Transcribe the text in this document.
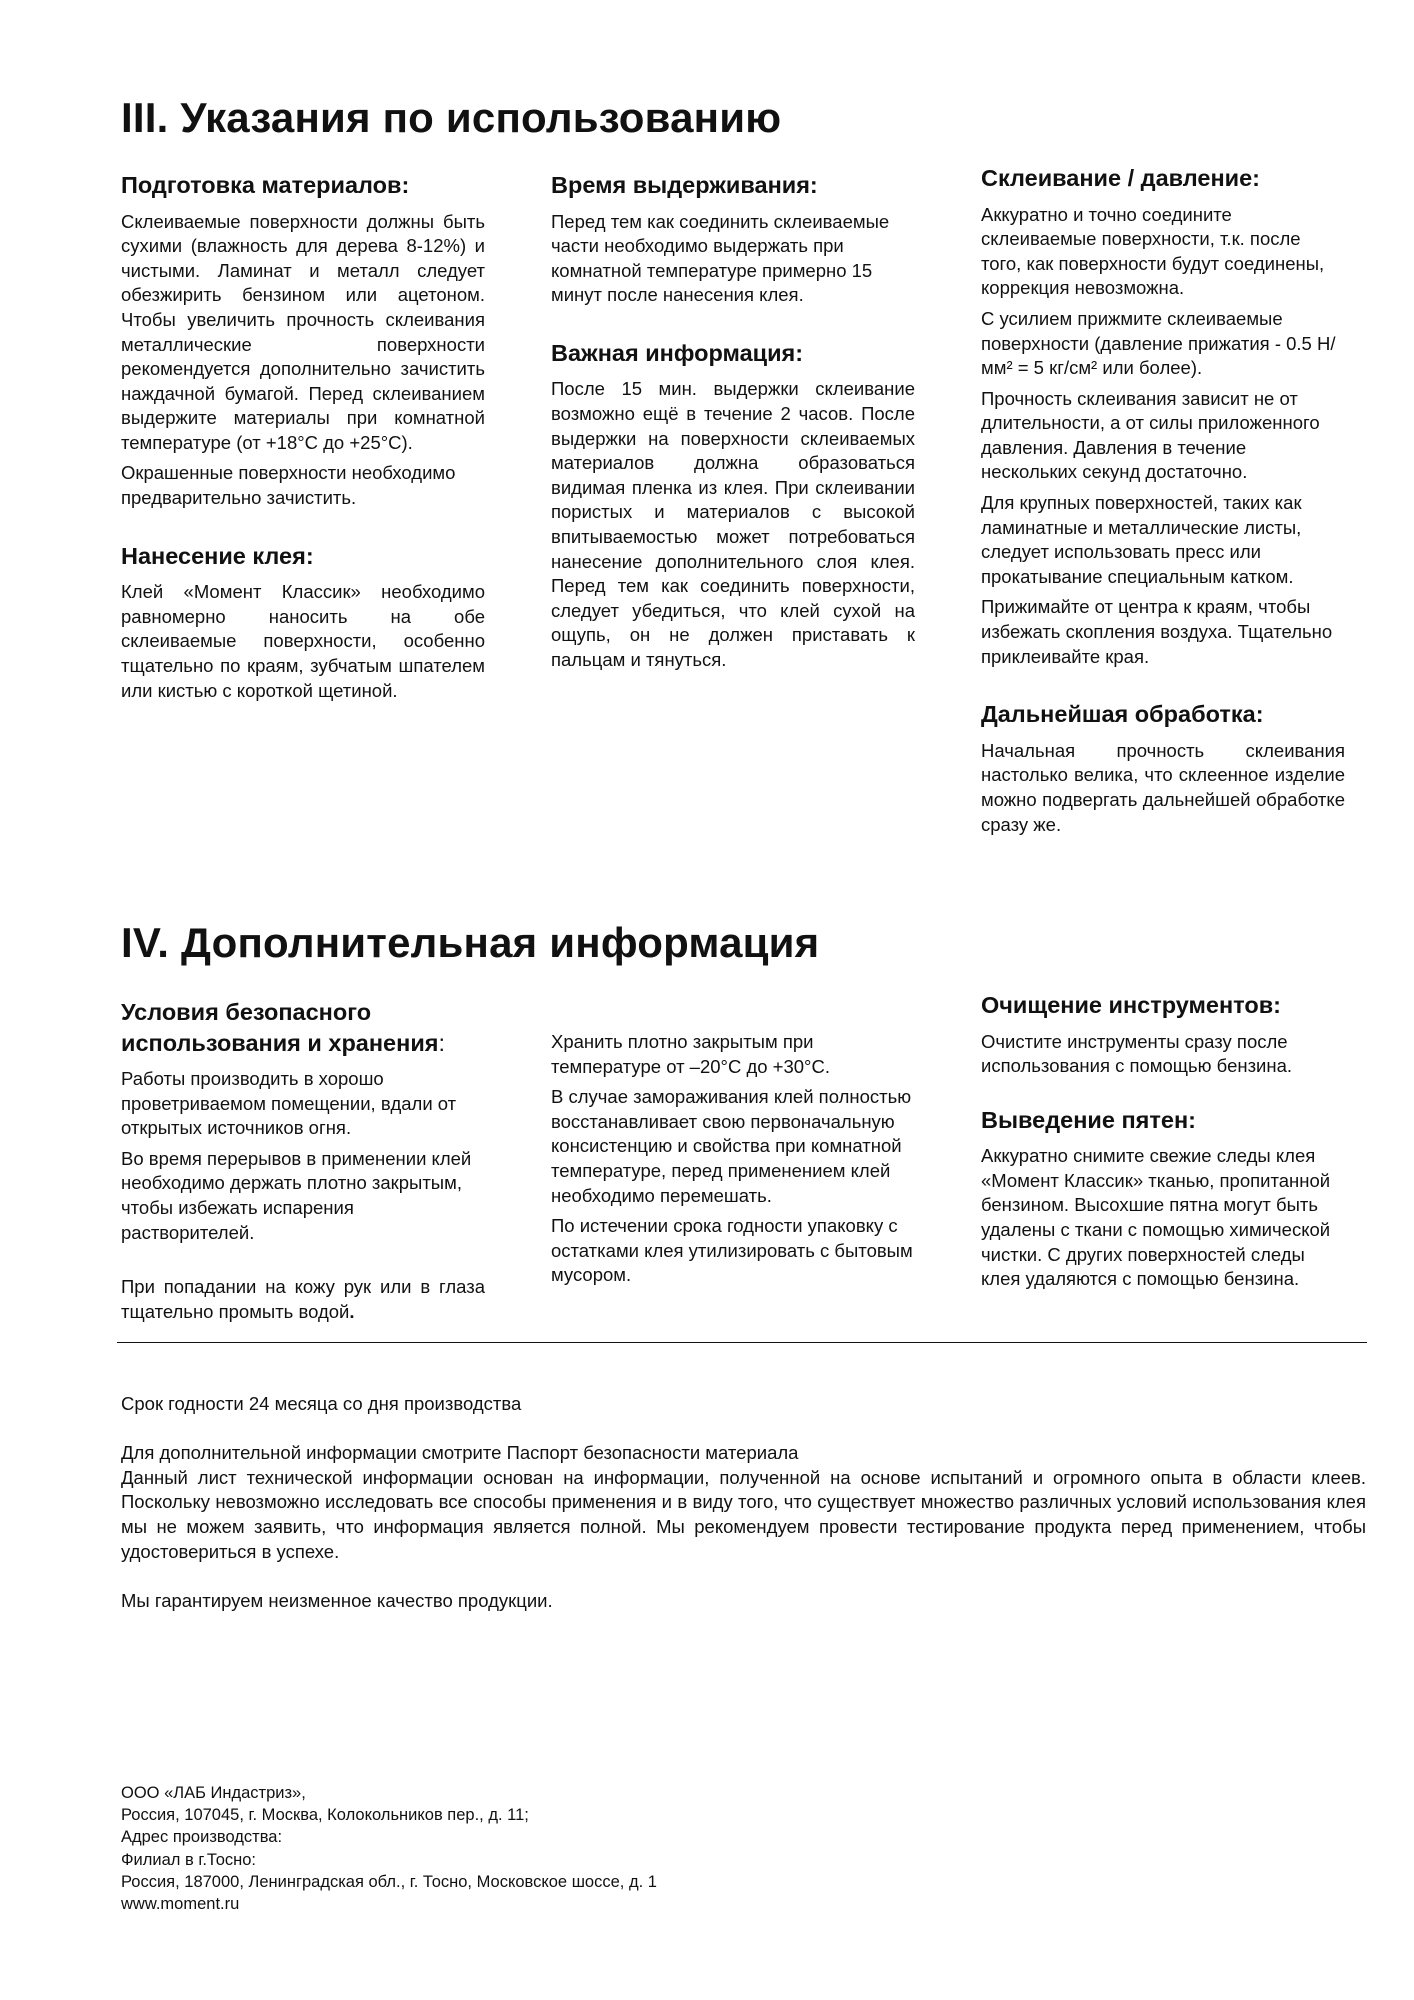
III. Указания по использованию
Подготовка материалов:

Склеиваемые поверхности должны быть сухими (влажность для дерева 8-12%) и чистыми. Ламинат и металл следует обезжирить бензином или ацетоном. Чтобы увеличить прочность склеивания металлические поверхности рекомендуется дополнительно зачистить наждачной бумагой. Перед склеиванием выдержите материалы при комнатной температуре (от +18°С до +25°С).

Окрашенные поверхности необходимо предварительно зачистить.

Нанесение клея:

Клей «Момент Классик» необходимо равномерно наносить на обе склеиваемые поверхности, особенно тщательно по краям, зубчатым шпателем или кистью с короткой щетиной.

Время выдерживания:

Перед тем как соединить склеиваемые части необходимо выдержать при комнатной температуре примерно 15 минут после нанесения клея.

Важная информация:

После 15 мин. выдержки склеивание возможно ещё в течение 2 часов. После выдержки на поверхности склеиваемых материалов должна образоваться видимая пленка из клея. При склеивании пористых и материалов с высокой впитываемостью может потребоваться нанесение дополнительного слоя клея. Перед тем как соединить поверхности, следует убедиться, что клей сухой на ощупь, он не должен приставать к пальцам и тянуться.

Склеивание / давление:

Аккуратно и точно соедините склеиваемые поверхности, т.к. после того, как поверхности будут соединены, коррекция невозможна.

С усилием прижмите склеиваемые поверхности (давление прижатия - 0.5 Н/мм² = 5 кг/см² или более).

Прочность склеивания зависит не от длительности, а от силы приложенного давления. Давления в течение нескольких секунд достаточно.

Для крупных поверхностей, таких как ламинатные и металлические листы, следует использовать пресс или прокатывание специальным катком.

Прижимайте от центра к краям, чтобы избежать скопления воздуха. Тщательно приклеивайте края.

Дальнейшая обработка:

Начальная прочность склеивания настолько велика, что склеенное изделие можно подвергать дальнейшей обработке сразу же.

IV. Дополнительная информация
Условия безопасного использования и хранения:

Работы производить в хорошо проветриваемом помещении, вдали от открытых источников огня.

Во время перерывов в применении клей необходимо держать плотно закрытым, чтобы избежать испарения растворителей.

При попадании на кожу рук или в глаза тщательно промыть водой.

Хранить плотно закрытым при температуре от –20°С до +30°С.

В случае замораживания клей полностью восстанавливает свою первоначальную консистенцию и свойства при комнатной температуре, перед применением клей необходимо перемешать.

По истечении срока годности упаковку с остатками клея утилизировать с бытовым мусором.

Очищение инструментов:

Очистите инструменты сразу после использования с помощью бензина.

Выведение пятен:

Аккуратно снимите свежие следы клея «Момент Классик» тканью, пропитанной бензином. Высохшие пятна могут быть удалены с ткани с помощью химической чистки. С других поверхностей следы клея удаляются с помощью бензина.

Срок годности 24 месяца со дня производства

Для дополнительной информации смотрите Паспорт безопасности материала

Данный лист технической информации основан на информации, полученной на основе испытаний и огромного опыта в области клеев. Поскольку невозможно исследовать все способы применения и в виду того, что существует множество различных условий использования клея мы не можем заявить, что информация является полной. Мы рекомендуем провести тестирование продукта перед применением, чтобы удостовериться в успехе.

Мы гарантируем неизменное качество продукции.

ООО «ЛАБ Индастриз»,

Россия, 107045, г. Москва, Колокольников пер., д. 11;

Адрес производства:

Филиал в г.Тосно:

Россия, 187000, Ленинградская обл., г. Тосно, Московское шоссе, д. 1

www.moment.ru
